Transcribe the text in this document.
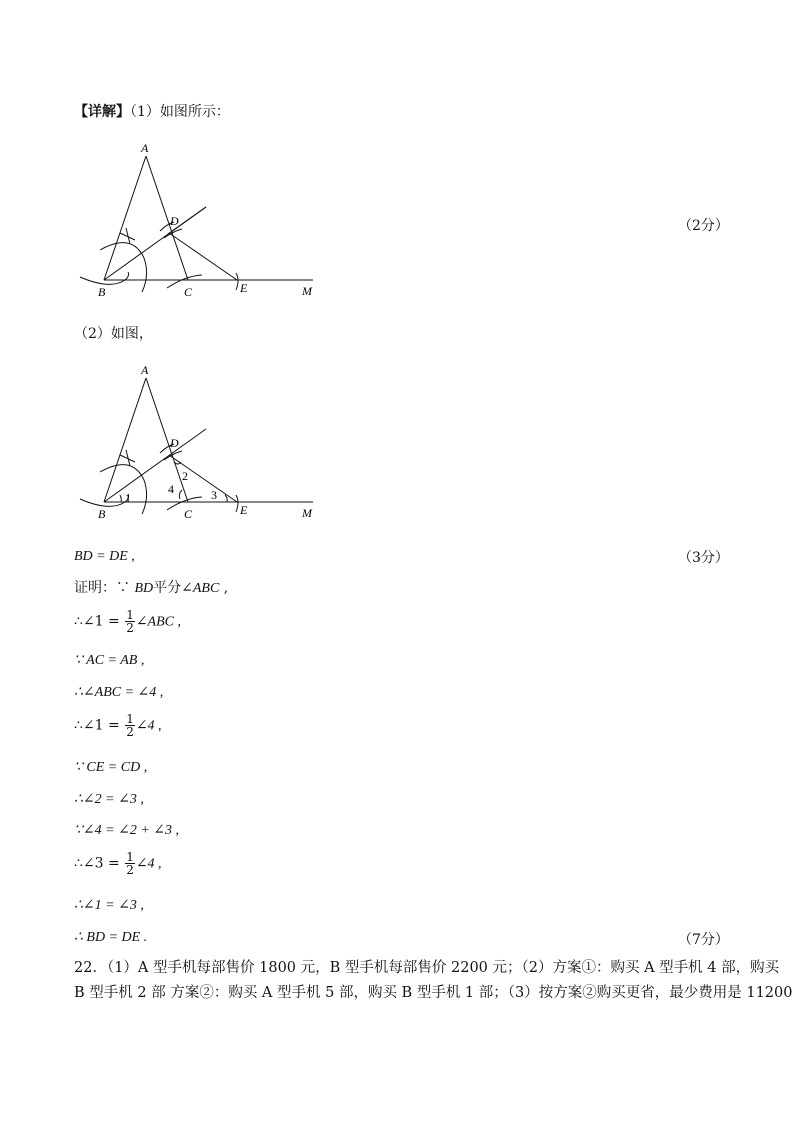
【详解】（1）如图所示：
A
B	C
D
E	M
（2分）
（2）如图，
A
B	C
D
E	M
1
2
3
4
BD = DE ,	（3分）
证明：∵ BD平分∠ABC ,
∴∠1 = $\frac{1}{2}$ ∠ABC ,
∵ AC = AB ,
∴∠ABC = ∠4 ,
∴∠1 = $\frac{1}{2}$ ∠4 ,
∵ CE = CD ,
∴∠2 = ∠3 ,
∵∠4 = ∠2 + ∠3 ,
∴∠3 = $\frac{1}{2}$ ∠4 ,
∴∠1 = ∠3 ,
∴ BD = DE .	（7分）
22．（1）A 型手机每部售价 1800 元，B 型手机每部售价 2200 元；（2）方案①：购买 A 型手机 4 部，购买
B 型手机 2 部 方案②：购买 A 型手机 5 部，购买 B 型手机 1 部；（3）按方案②购买更省，最少费用是 11200
